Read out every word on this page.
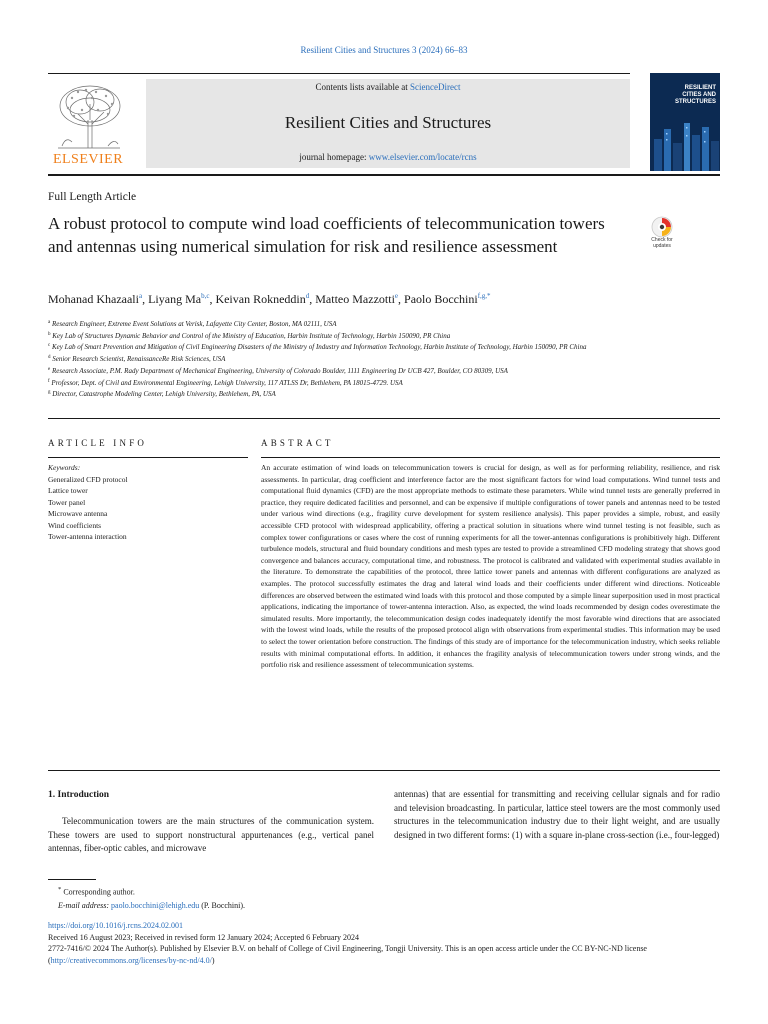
Resilient Cities and Structures 3 (2024) 66–83
ELSEVIER
Contents lists available at ScienceDirect
Resilient Cities and Structures
journal homepage: www.elsevier.com/locate/rcns
RESILIENT
CITIES AND
STRUCTURES
Full Length Article
A robust protocol to compute wind load coefficients of telecommunication towers and antennas using numerical simulation for risk and resilience assessment	Check for
updates
Mohanad Khazaali$^a$, Liyang Ma$^{b,c}$, Keivan Rokneddin$^d$, Matteo Mazzotti$^e$, Paolo Bocchini$^{f,g,*}$
$^a$ Research Engineer, Extreme Event Solutions at Verisk, Lafayette City Center, Boston, MA 02111, USA
$^b$ Key Lab of Structures Dynamic Behavior and Control of the Ministry of Education, Harbin Institute of Technology, Harbin 150090, PR China
$^c$ Key Lab of Smart Prevention and Mitigation of Civil Engineering Disasters of the Ministry of Industry and Information Technology, Harbin Institute of Technology, Harbin 150090, PR China
$^d$ Senior Research Scientist, RenaissanceRe Risk Sciences, USA
$^e$ Research Associate, P.M. Rady Department of Mechanical Engineering, University of Colorado Boulder, 1111 Engineering Dr UCB 427, Boulder, CO 80309, USA
$^f$ Professor, Dept. of Civil and Environmental Engineering, Lehigh University, 117 ATLSS Dr, Bethlehem, PA 18015-4729. USA
$^g$ Director, Catastrophe Modeling Center, Lehigh University, Bethlehem, PA, USA
ARTICLE INFO	ABSTRACT
Keywords:
Generalized CFD protocol
Lattice tower
Tower panel
Microwave antenna
Wind coefficients
Tower-antenna interaction
An accurate estimation of wind loads on telecommunication towers is crucial for design, as well as for performing reliability, resilience, and risk assessments. In particular, drag coefficient and interference factor are the most significant factors for wind load computations. Wind tunnel tests and computational fluid dynamics (CFD) are the most appropriate methods to estimate these parameters. While wind tunnel tests are generally preferred in practice, they require dedicated facilities and personnel, and can be expensive if multiple configurations of tower panels and antennas need to be tested under various wind directions (e.g., fragility curve development for system resilience analysis). This paper provides a simple, robust, and easily accessible CFD protocol with widespread applicability, offering a practical solution in situations where wind tunnel testing is not feasible, such as complex tower configurations or cases where the cost of running experiments for all the tower-antennas configurations is prohibitively high. Different turbulence models, structural and fluid boundary conditions and mesh types are tested to provide a streamlined CFD modeling strategy that shows good convergence and balances accuracy, computational time, and robustness. The protocol is calibrated and validated with experimental studies available in the literature. To demonstrate the capabilities of the protocol, three lattice tower panels and antennas with different configurations are analyzed as examples. The protocol successfully estimates the drag and lateral wind loads and their coefficients under different wind directions. Noticeable differences are observed between the estimated wind loads with this protocol and those computed by a simple linear superposition used in most practical applications, indicating the importance of tower-antenna interaction. Also, as expected, the wind loads recommended by design codes overestimate the simulated results. More importantly, the telecommunication design codes inadequately identify the most favorable wind directions that are associated with the lowest wind loads, while the results of the proposed protocol align with observations from experimental studies. This information may be used to select the tower orientation before construction. The findings of this study are of importance for the telecommunication industry, which seeks reliable results with minimal computational efforts. In addition, it enhances the fragility analysis of telecommunication towers under strong winds, and the portfolio risk and resilience assessment of telecommunication systems.
1. Introduction
Telecommunication towers are the main structures of the communication system. These towers are used to support nonstructural appurtenances (e.g., vertical panel antennas, fiber-optic cables, and microwave
antennas) that are essential for transmitting and receiving cellular signals and for radio and television broadcasting. In particular, lattice steel towers are the most commonly used structures in the telecommunication industry due to their light weight, and are usually designed in two different forms: (1) with a square in-plane cross-section (i.e., four-legged)
* Corresponding author.
E-mail address: paolo.bocchini@lehigh.edu (P. Bocchini).
https://doi.org/10.1016/j.rcns.2024.02.001
Received 16 August 2023; Received in revised form 12 January 2024; Accepted 6 February 2024
2772-7416/© 2024 The Author(s). Published by Elsevier B.V. on behalf of College of Civil Engineering, Tongji University. This is an open access article under the CC BY-NC-ND license (http://creativecommons.org/licenses/by-nc-nd/4.0/)
